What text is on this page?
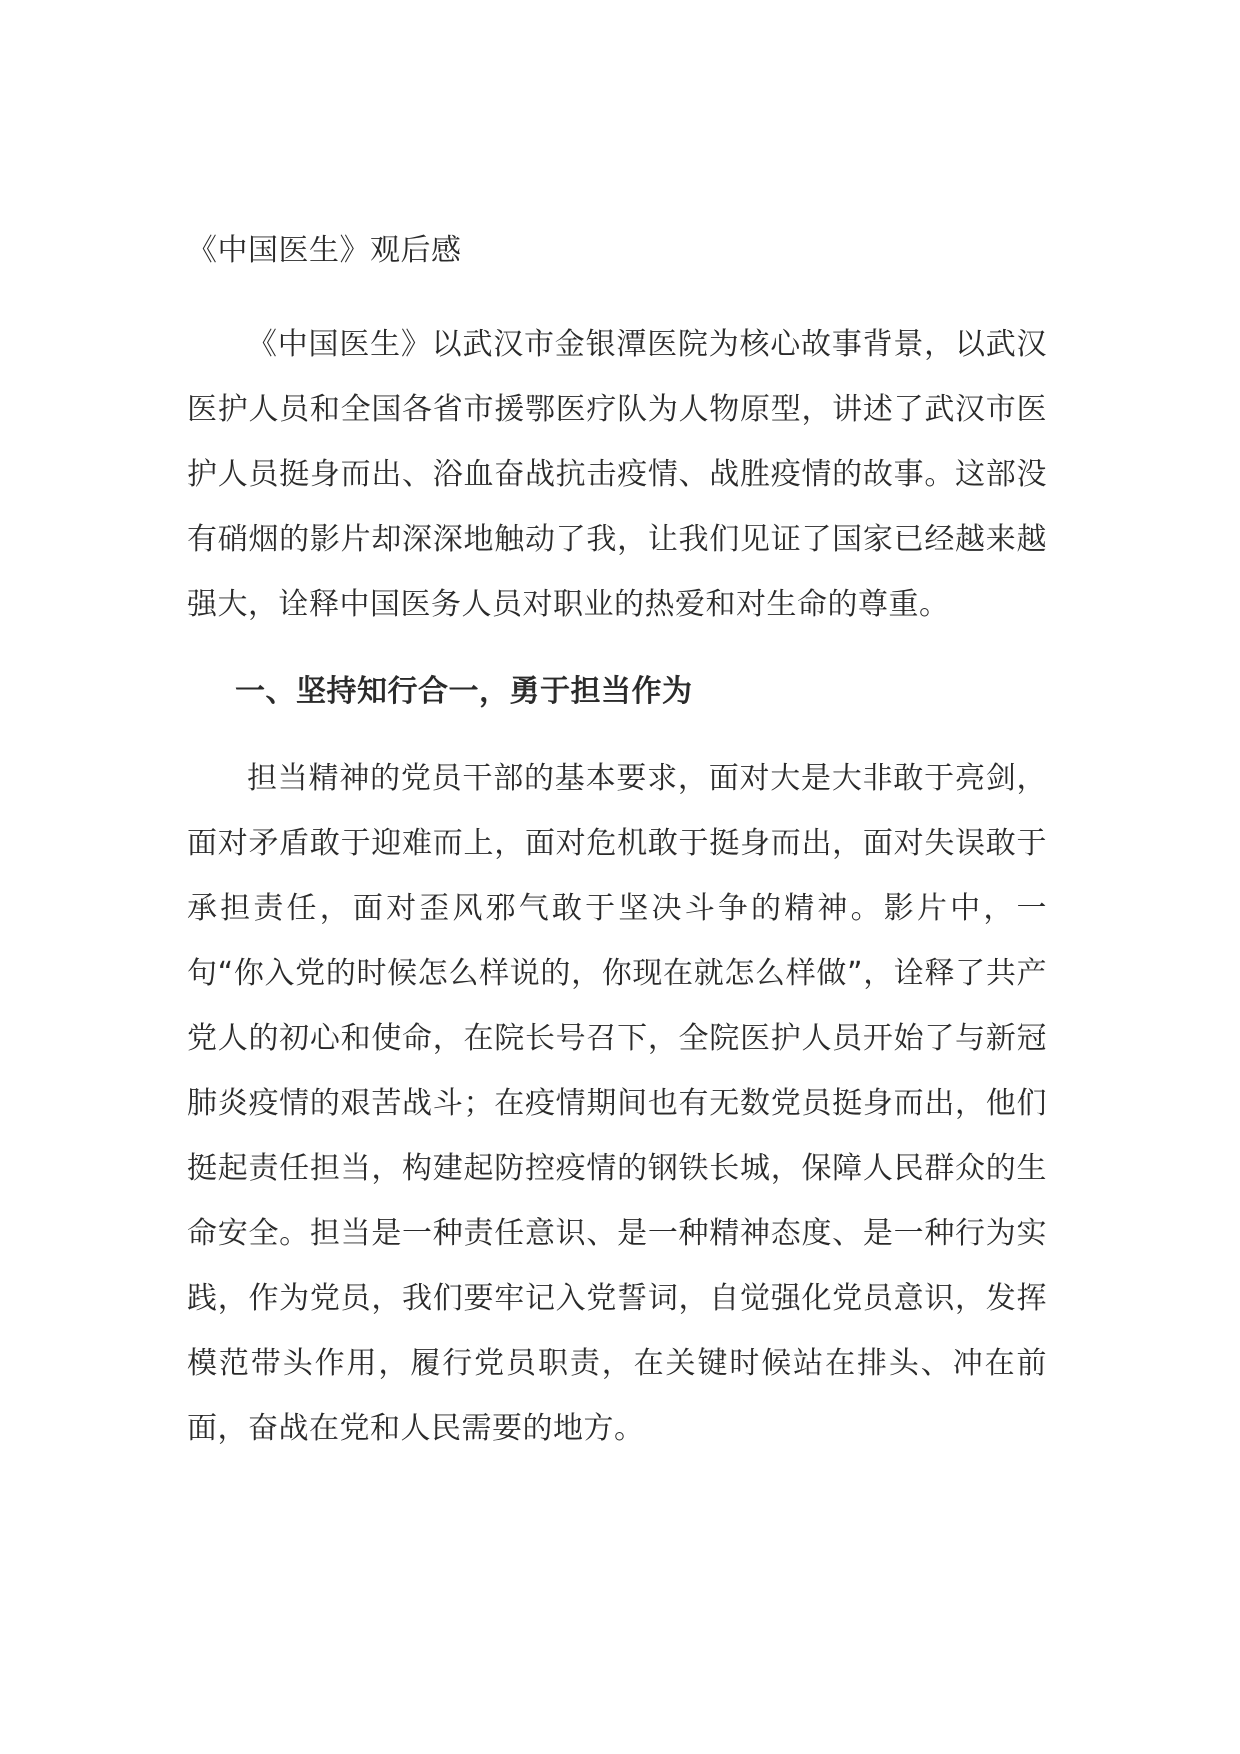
《中国医生》观后感

《中国医生》以武汉市金银潭医院为核心故事背景，以武汉医护人员和全国各省市援鄂医疗队为人物原型，讲述了武汉市医护人员挺身而出、浴血奋战抗击疫情、战胜疫情的故事。这部没有硝烟的影片却深深地触动了我，让我们见证了国家已经越来越强大，诠释中国医务人员对职业的热爱和对生命的尊重。

一、坚持知行合一，勇于担当作为

担当精神的党员干部的基本要求，面对大是大非敢于亮剑，面对矛盾敢于迎难而上，面对危机敢于挺身而出，面对失误敢于承担责任，面对歪风邪气敢于坚决斗争的精神。影片中，一句“你入党的时候怎么样说的，你现在就怎么样做”，诠释了共产党人的初心和使命，在院长号召下，全院医护人员开始了与新冠肺炎疫情的艰苦战斗；在疫情期间也有无数党员挺身而出，他们挺起责任担当，构建起防控疫情的钢铁长城，保障人民群众的生命安全。担当是一种责任意识、是一种精神态度、是一种行为实践，作为党员，我们要牢记入党誓词，自觉强化党员意识，发挥模范带头作用，履行党员职责，在关键时候站在排头、冲在前面，奋战在党和人民需要的地方。
